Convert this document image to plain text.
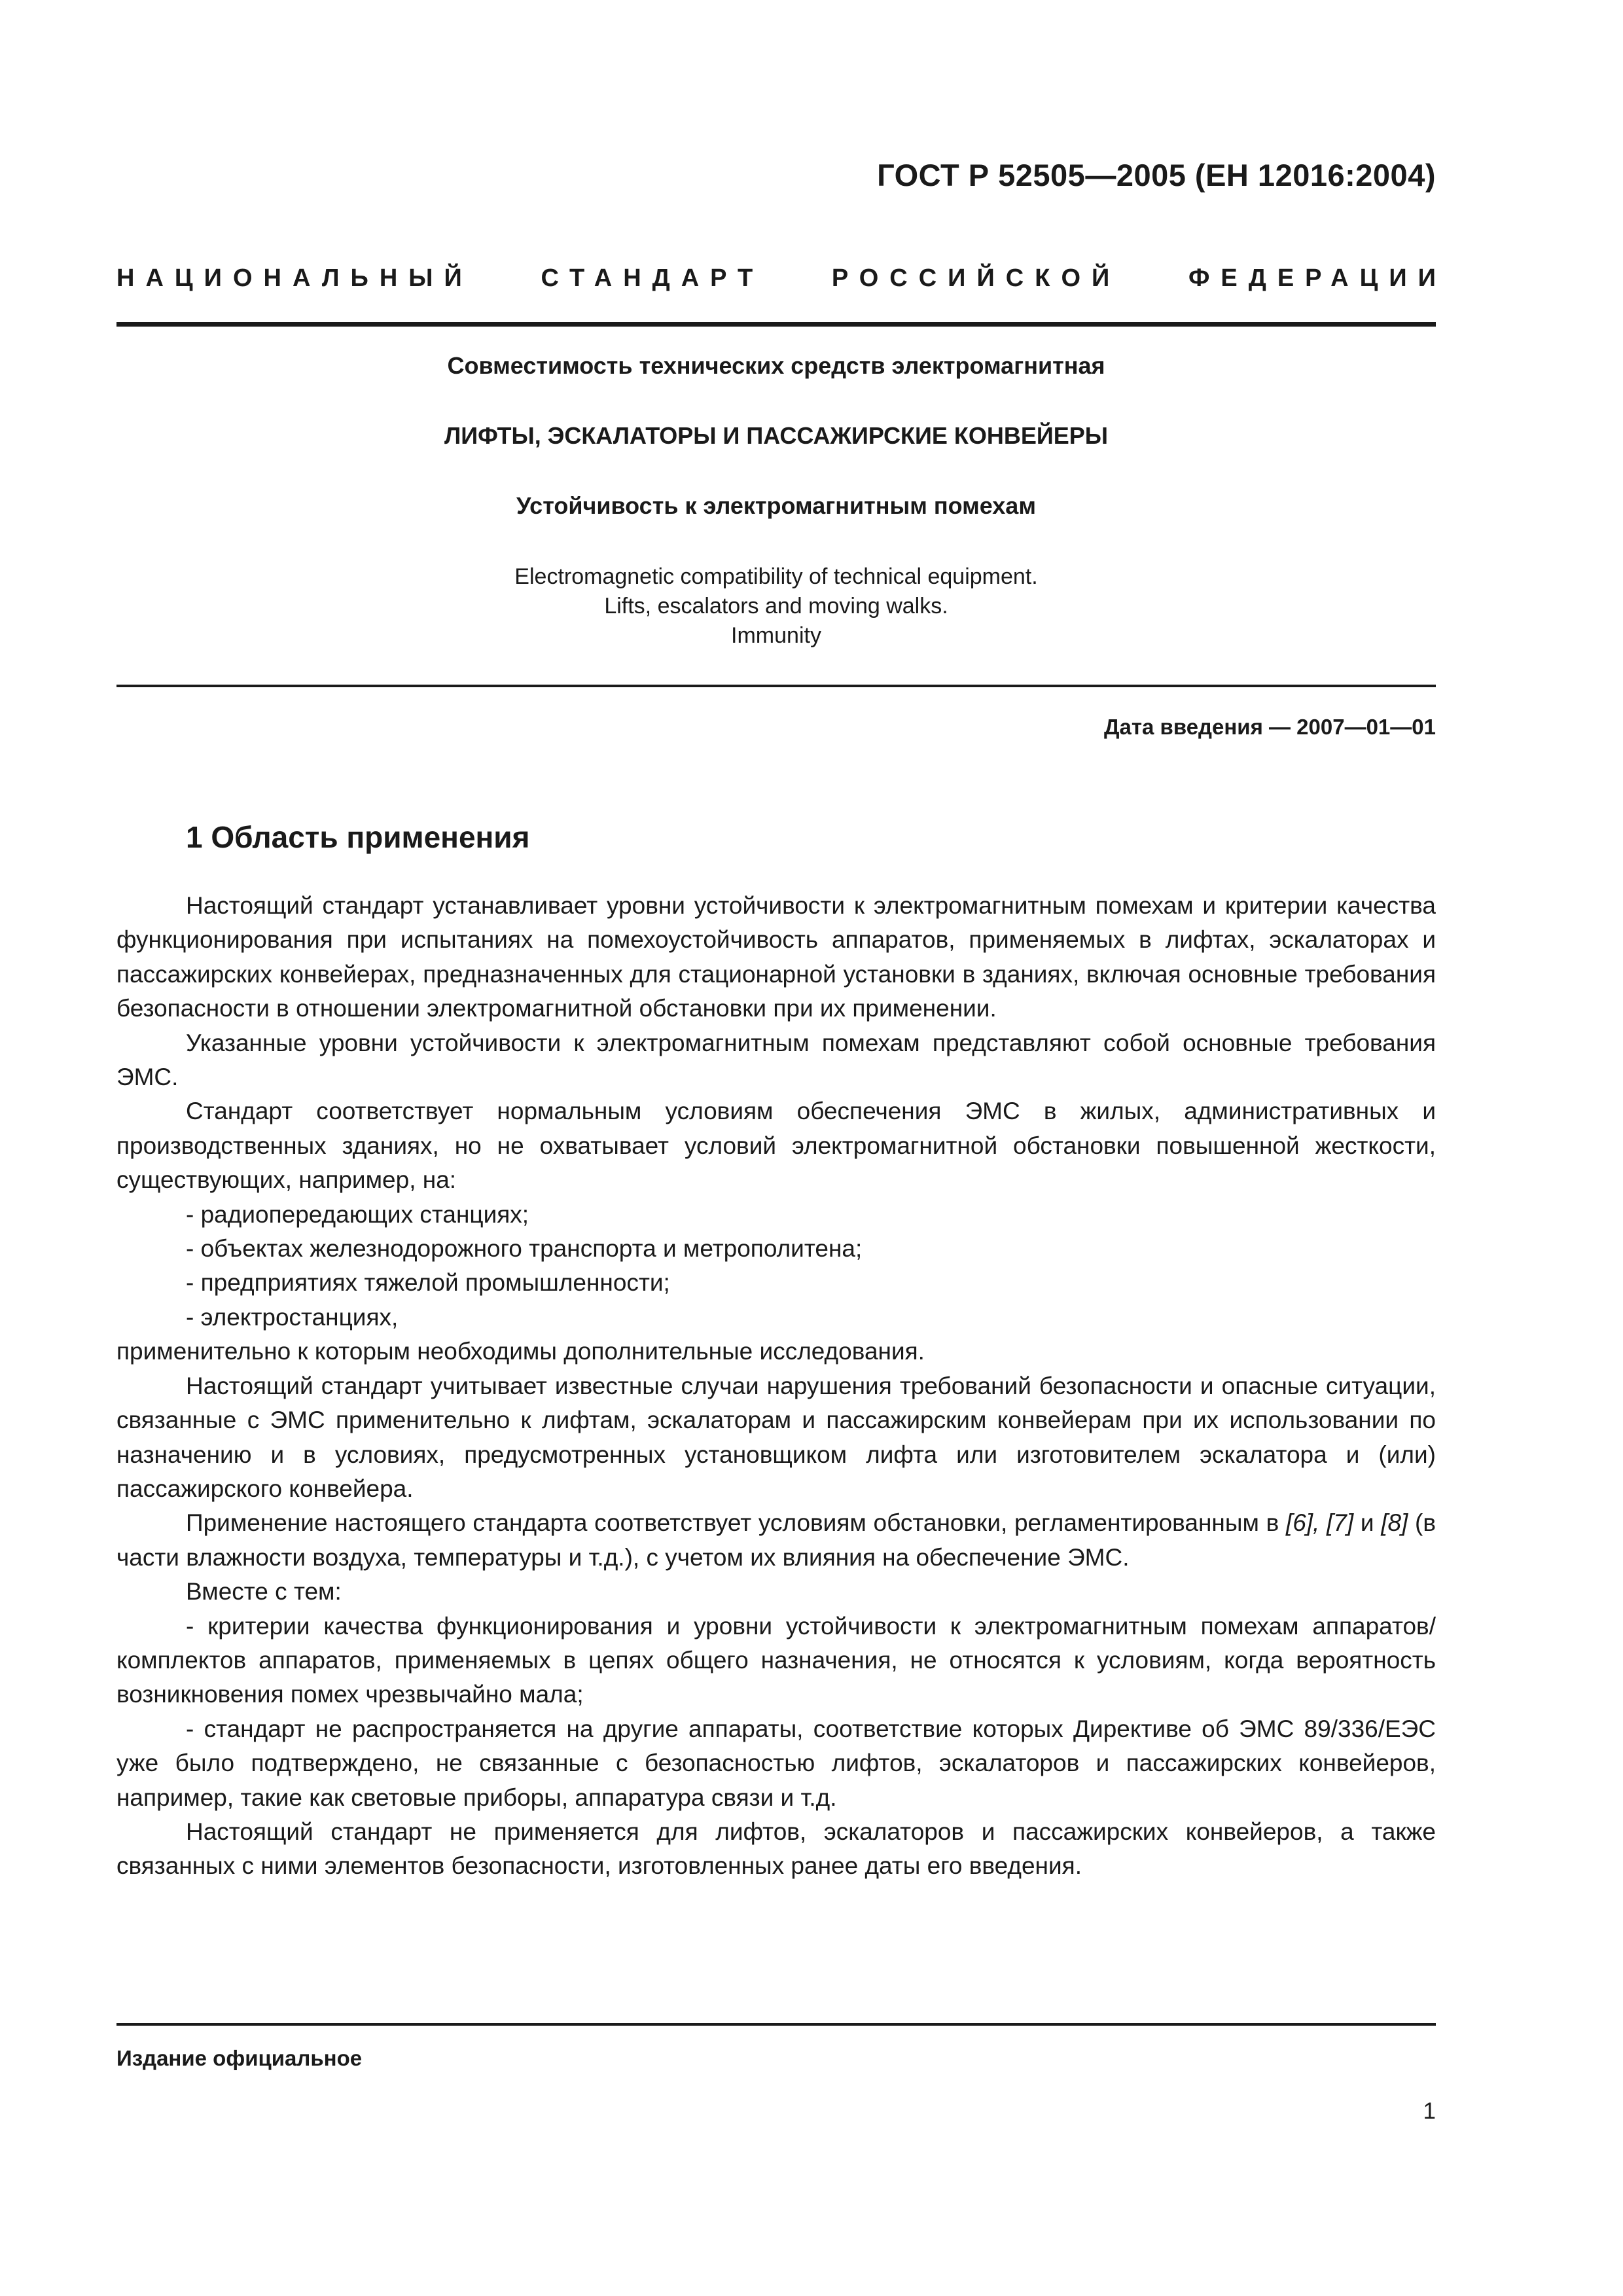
ГОСТ Р 52505—2005 (ЕН 12016:2004)
НАЦИОНАЛЬНЫЙ	СТАНДАРТ	РОССИЙСКОЙ	ФЕДЕРАЦИИ
Совместимость технических средств электромагнитная
ЛИФТЫ, ЭСКАЛАТОРЫ И ПАССАЖИРСКИЕ КОНВЕЙЕРЫ
Устойчивость к электромагнитным помехам
Electromagnetic compatibility of technical equipment.
Lifts, escalators and moving walks.
Immunity
Дата введения — 2007—01—01
1 Область применения

Настоящий стандарт устанавливает уровни устойчивости к электромагнитным помехам и критерии качества функционирования при испытаниях на помехоустойчивость аппаратов, применяемых в лифтах, эскалаторах и пассажирских конвейерах, предназначенных для стационарной установки в зданиях, включая основные требования безопасности в отношении электромагнитной обстановки при их применении.

Указанные уровни устойчивости к электромагнитным помехам представляют собой основные требования ЭМС.

Стандарт соответствует нормальным условиям обеспечения ЭМС в жилых, административных и производственных зданиях, но не охватывает условий электромагнитной обстановки повышенной жесткости, существующих, например, на:

- радиопередающих станциях;

- объектах железнодорожного транспорта и метрополитена;

- предприятиях тяжелой промышленности;

- электростанциях,

применительно к которым необходимы дополнительные исследования.

Настоящий стандарт учитывает известные случаи нарушения требований безопасности и опасные ситуации, связанные с ЭМС применительно к лифтам, эскалаторам и пассажирским конвейерам при их использовании по назначению и в условиях, предусмотренных установщиком лифта или изготовителем эскалатора и (или) пассажирского конвейера.

Применение настоящего стандарта соответствует условиям обстановки, регламентированным в [6], [7] и [8] (в части влажности воздуха, температуры и т.д.), с учетом их влияния на обеспечение ЭМС.

Вместе с тем:

- критерии качества функционирования и уровни устойчивости к электромагнитным помехам аппаратов/комплектов аппаратов, применяемых в цепях общего назначения, не относятся к условиям, когда вероятность возникновения помех чрезвычайно мала;

- стандарт не распространяется на другие аппараты, соответствие которых Директиве об ЭМС 89/336/ЕЭС уже было подтверждено, не связанные с безопасностью лифтов, эскалаторов и пассажирских конвейеров, например, такие как световые приборы, аппаратура связи и т.д.

Настоящий стандарт не применяется для лифтов, эскалаторов и пассажирских конвейеров, а также связанных с ними элементов безопасности, изготовленных ранее даты его введения.

Издание официальное
1
